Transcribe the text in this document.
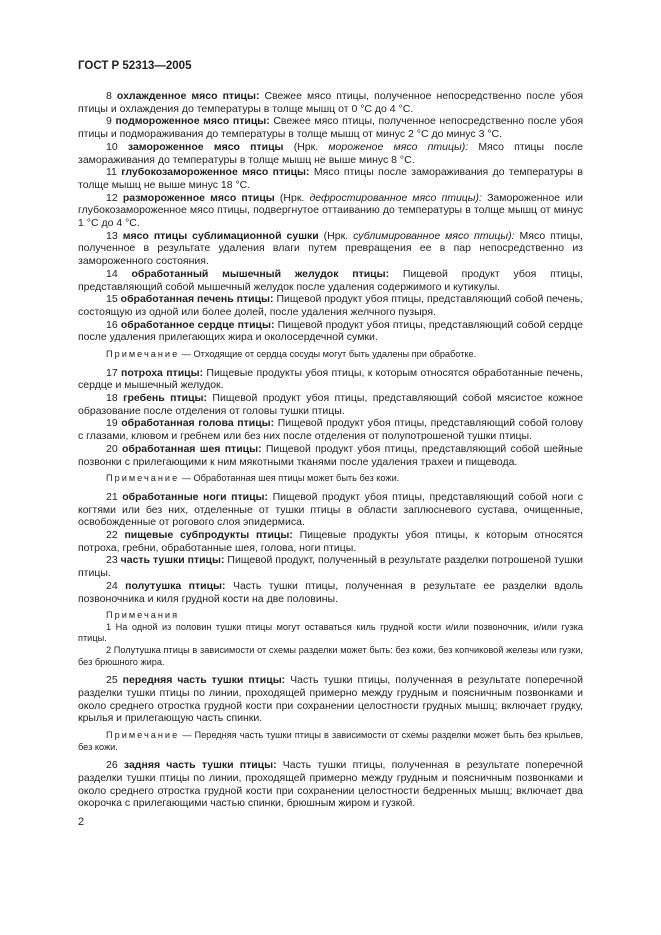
ГОСТ Р 52313—2005

8 охлажденное мясо птицы: Свежее мясо птицы, полученное непосредственно после убоя птицы и охлаждения до температуры в толще мышц от 0 °С до 4 °С.

9 подмороженное мясо птицы: Свежее мясо птицы, полученное непосредственно после убоя птицы и подмораживания до температуры в толще мышц от минус 2 °С до минус 3 °С.

10 замороженное мясо птицы (Нрк. мороженое мясо птицы): Мясо птицы после замораживания до температуры в толще мышц не выше минус 8 °С.

11 глубокозамороженное мясо птицы: Мясо птицы после замораживания до температуры в толще мышц не выше минус 18 °С.

12 размороженное мясо птицы (Нрк. дефростированное мясо птицы): Замороженное или глубокозамороженное мясо птицы, подвергнутое оттаиванию до температуры в толще мышц от минус 1 °С до 4 °С.

13 мясо птицы сублимационной сушки (Нрк. сублимированное мясо птицы): Мясо птицы, полученное в результате удаления влаги путем превращения ее в пар непосредственно из замороженного состояния.

14 обработанный мышечный желудок птицы: Пищевой продукт убоя птицы, представляющий собой мышечный желудок после удаления содержимого и кутикулы.

15 обработанная печень птицы: Пищевой продукт убоя птицы, представляющий собой печень, состоящую из одной или более долей, после удаления желчного пузыря.

16 обработанное сердце птицы: Пищевой продукт убоя птицы, представляющий собой сердце после удаления прилегающих жира и околосердечной сумки.

Примечание — Отходящие от сердца сосуды могут быть удалены при обработке.

17 потроха птицы: Пищевые продукты убоя птицы, к которым относятся обработанные печень, сердце и мышечный желудок.

18 гребень птицы: Пищевой продукт убоя птицы, представляющий собой мясистое кожное образование после отделения от головы тушки птицы.

19 обработанная голова птицы: Пищевой продукт убоя птицы, представляющий собой голову с глазами, клювом и гребнем или без них после отделения от полупотрошеной тушки птицы.

20 обработанная шея птицы: Пищевой продукт убоя птицы, представляющий собой шейные позвонки с прилегающими к ним мякотными тканями после удаления трахеи и пищевода.

Примечание — Обработанная шея птицы может быть без кожи.

21 обработанные ноги птицы: Пищевой продукт убоя птицы, представляющий собой ноги с когтями или без них, отделенные от тушки птицы в области заплюсневого сустава, очищенные, освобожденные от рогового слоя эпидермиса.

22 пищевые субпродукты птицы: Пищевые продукты убоя птицы, к которым относятся потроха, гребни, обработанные шея, голова, ноги птицы.

23 часть тушки птицы: Пищевой продукт, полученный в результате разделки потрошеной тушки птицы.

24 полутушка птицы: Часть тушки птицы, полученная в результате ее разделки вдоль позвоночника и киля грудной кости на две половины.

Примечания

1 На одной из половин тушки птицы могут оставаться киль грудной кости и/или позвоночник, и/или гузка птицы.

2 Полутушка птицы в зависимости от схемы разделки может быть: без кожи, без копчиковой железы или гузки, без брюшного жира.

25 передняя часть тушки птицы: Часть тушки птицы, полученная в результате поперечной разделки тушки птицы по линии, проходящей примерно между грудным и поясничным позвонками и около среднего отростка грудной кости при сохранении целостности грудных мышц; включает грудку, крылья и прилегающую часть спинки.

Примечание — Передняя часть тушки птицы в зависимости от схемы разделки может быть без крыльев, без кожи.

26 задняя часть тушки птицы: Часть тушки птицы, полученная в результате поперечной разделки тушки птицы по линии, проходящей примерно между грудным и поясничным позвонками и около среднего отростка грудной кости при сохранении целостности бедренных мышц; включает два окорочка с прилегающими частью спинки, брюшным жиром и гузкой.

2
